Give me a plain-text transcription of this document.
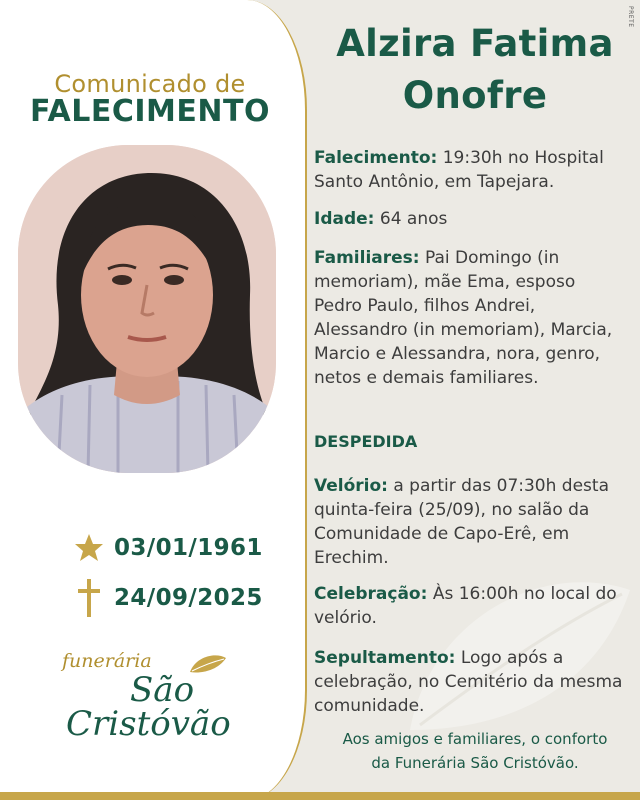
PRETE
Comunicado de
FALECIMENTO
03/01/1961
24/09/2025
funerária
São
Cristóvão
Alzira Fatima
Onofre
Falecimento: 19:30h no Hospital Santo Antônio, em Tapejara.
Idade: 64 anos
Familiares: Pai Domingo (in memoriam), mãe Ema, esposo Pedro Paulo, filhos Andrei, Alessandro (in memoriam), Marcia, Marcio e Alessandra, nora, genro, netos e demais familiares.
DESPEDIDA
Velório: a partir das 07:30h desta quinta-feira (25/09), no salão da Comunidade de Capo-Erê, em Erechim.
Celebração: Às 16:00h no local do velório.
Sepultamento: Logo após a celebração, no Cemitério da mesma comunidade.
Aos amigos e familiares, o conforto
da Funerária São Cristóvão.
